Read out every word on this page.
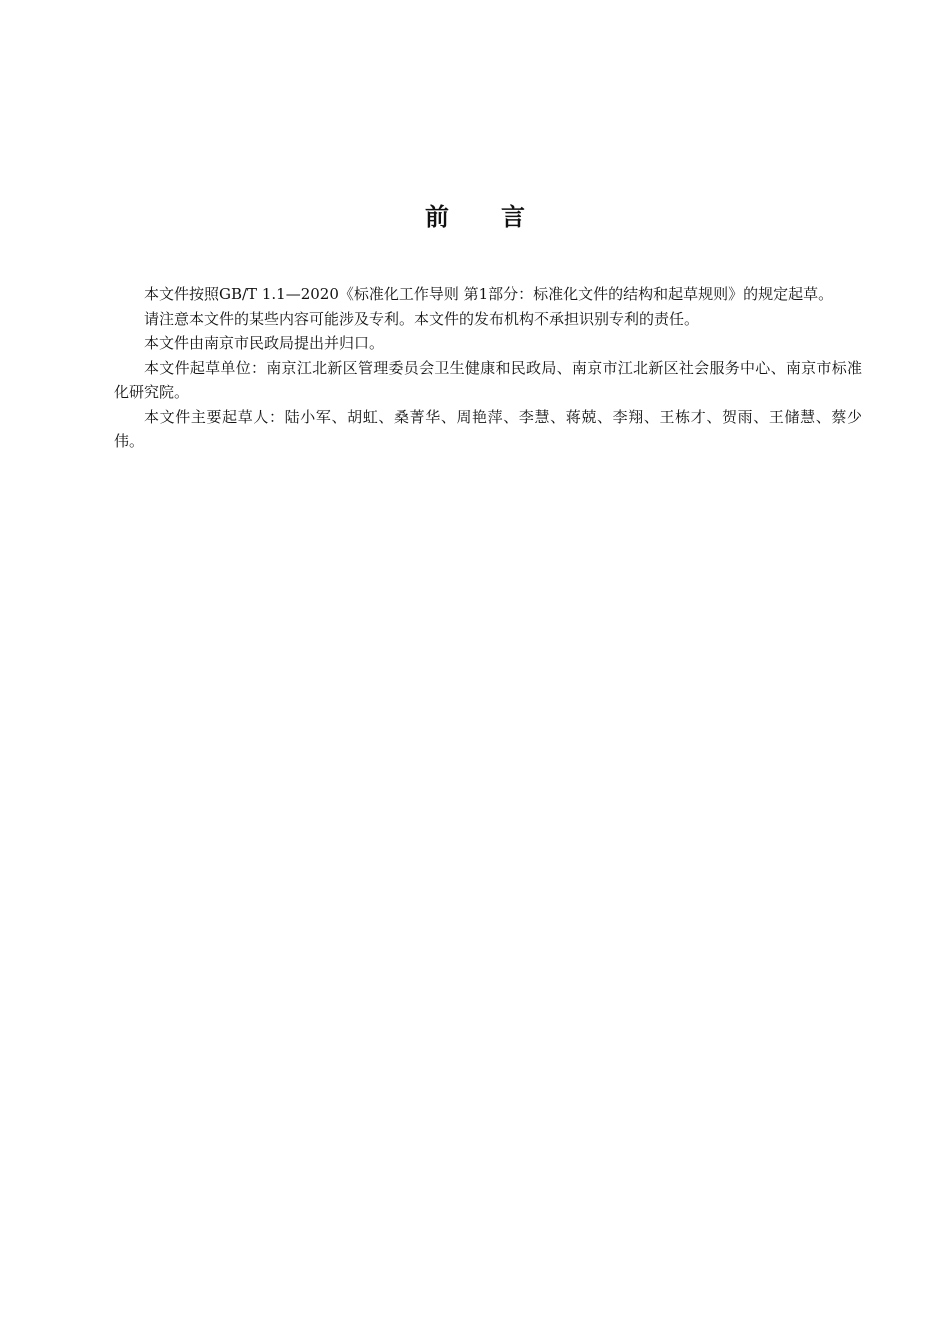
前 言

本文件按照GB/T 1.1—2020《标准化工作导则 第1部分：标准化文件的结构和起草规则》的规定起草。

请注意本文件的某些内容可能涉及专利。本文件的发布机构不承担识别专利的责任。

本文件由南京市民政局提出并归口。

本文件起草单位：南京江北新区管理委员会卫生健康和民政局、南京市江北新区社会服务中心、南京市标准化研究院。

本文件主要起草人：陆小军、胡虹、桑菁华、周艳萍、李慧、蒋兢、李翔、王栋才、贺雨、王储慧、蔡少伟。
